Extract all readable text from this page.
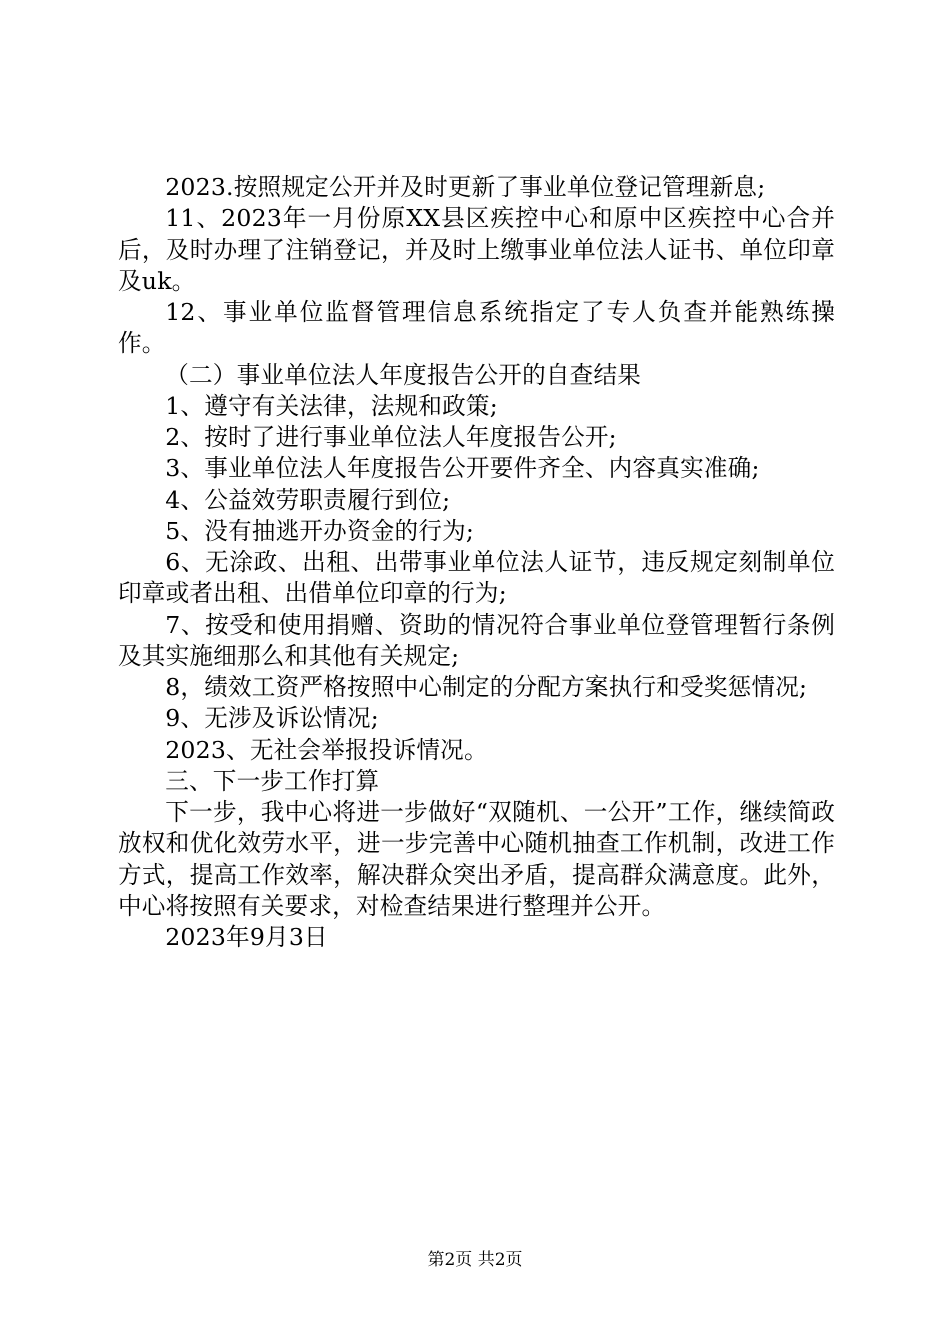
2023.按照规定公开并及时更新了事业单位登记管理新息;

11、2023年一月份原XX县区疾控中心和原中区疾控中心合并后，及时办理了注销登记，并及时上缴事业单位法人证书、单位印章及uk。

12、事业单位监督管理信息系统指定了专人负查并能熟练操作。

（二）事业单位法人年度报告公开的自查结果

1、遵守有关法律，法规和政策;

2、按时了进行事业单位法人年度报告公开;

3、事业单位法人年度报告公开要件齐全、内容真实准确;

4、公益效劳职责履行到位;

5、没有抽逃开办资金的行为;

6、无涂政、出租、出带事业单位法人证节，违反规定刻制单位印章或者出租、出借单位印章的行为;

7、按受和使用捐赠、资助的情况符合事业单位登管理暂行条例及其实施细那么和其他有关规定;

8，绩效工资严格按照中心制定的分配方案执行和受奖惩情况;

9、无涉及诉讼情况;

2023、无社会举报投诉情况。

三、下一步工作打算

下一步，我中心将进一步做好“双随机、一公开”工作，继续简政放权和优化效劳水平，进一步完善中心随机抽查工作机制，改进工作方式，提高工作效率，解决群众突出矛盾，提高群众满意度。此外，中心将按照有关要求，对检查结果进行整理并公开。

2023年9月3日

第2页 共2页
